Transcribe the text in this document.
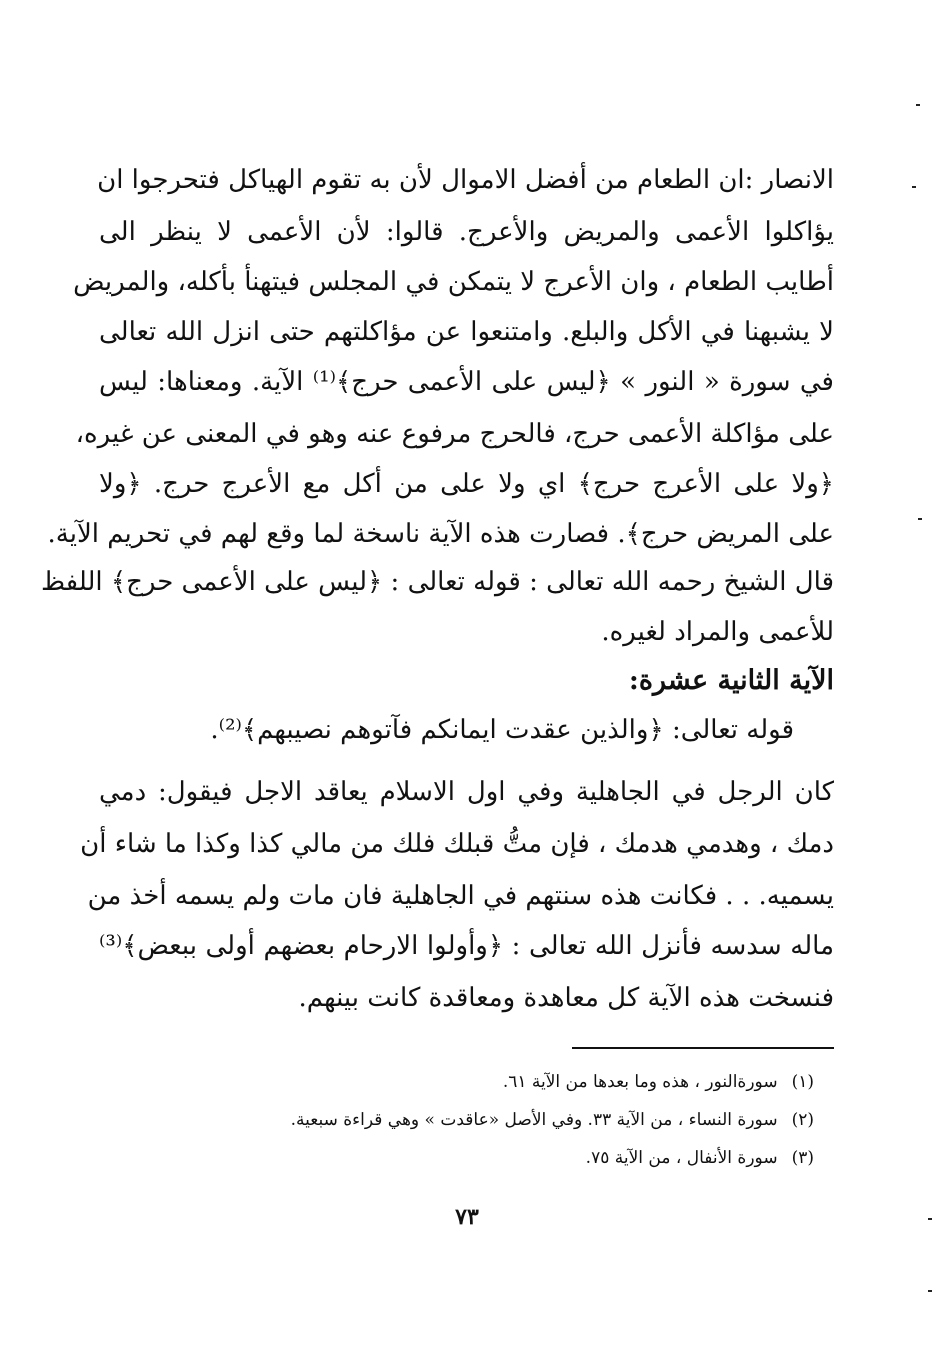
الانصار :ان الطعام من أفضل الاموال لأن به تقوم الهياكل فتحرجوا ان
يؤاكلوا الأعمى والمريض والأعرج. قالوا: لأن الأعمى لا ينظر الى
أطايب الطعام ، وان الأعرج لا يتمكن في المجلس فيتهنأ بأكله، والمريض
لا يشبهنا في الأكل والبلع. وامتنعوا عن مؤاكلتهم حتى انزل الله تعالى
في سورة « النور » ﴿ليس على الأعمى حرج﴾⁽¹⁾ الآية. ومعناها: ليس
على مؤاكلة الأعمى حرج، فالحرج مرفوع عنه وهو في المعنى عن غيره،
﴿ولا على الأعرج حرج﴾ اي ولا على من أكل مع الأعرج حرج. ﴿ولا
على المريض حرج﴾. فصارت هذه الآية ناسخة لما وقع لهم في تحريم الآية.
قال الشيخ رحمه الله تعالى : قوله تعالى : ﴿ليس على الأعمى حرج﴾ اللفظ
للأعمى والمراد لغيره.
الآية الثانية عشرة:
قوله تعالى: ﴿والذين عقدت ايمانكم فآتوهم نصيبهم﴾⁽²⁾.
كان الرجل في الجاهلية وفي اول الاسلام يعاقد الاجل فيقول: دمي
دمك ، وهدمي هدمك ، فإن متُّ قبلك فلك من مالي كذا وكذا ما شاء أن
يسميه. . . فكانت هذه سنتهم في الجاهلية فان مات ولم يسمه أخذ من
ماله سدسه فأنزل الله تعالى : ﴿وأولوا الارحام بعضهم أولى ببعض﴾⁽³⁾
فنسخت هذه الآية كل معاهدة ومعاقدة كانت بينهم.
(١)سورةالنور ، هذه وما بعدها من الآية ٦١.
(٢)سورة النساء ، من الآية ٣٣. وفي الأصل «عاقدت » وهي قراءة سبعية.
(٣)سورة الأنفال ، من الآية ٧٥.
٧٣
